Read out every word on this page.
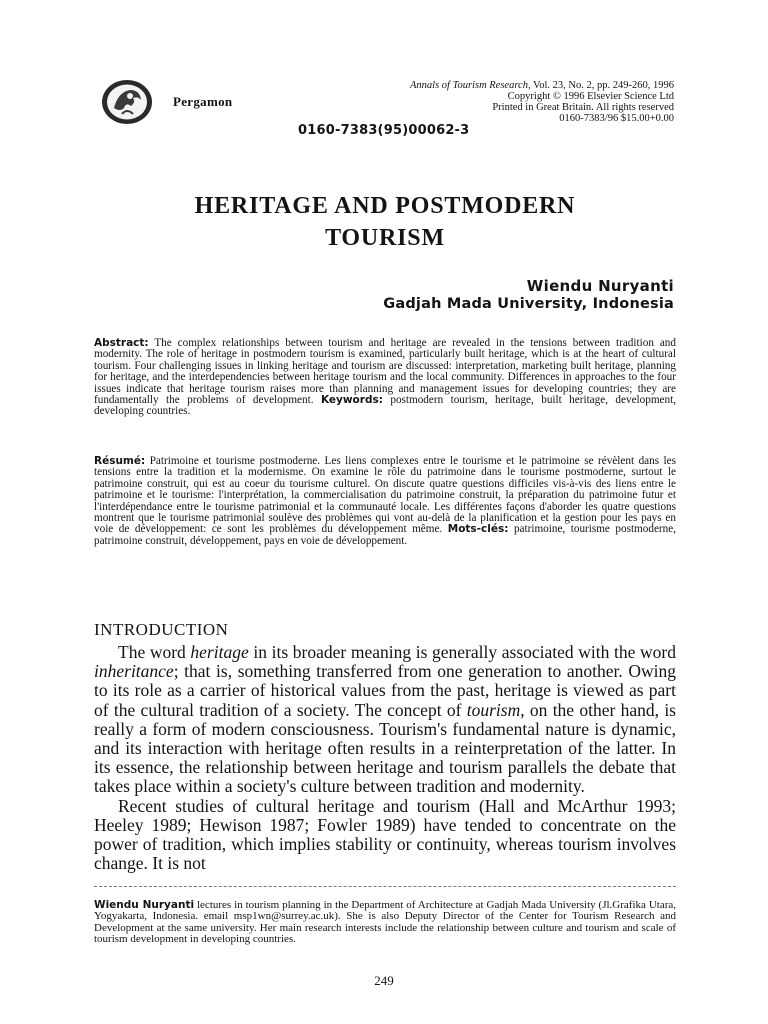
Pergamon
Annals of Tourism Research, Vol. 23, No. 2, pp. 249-260, 1996
Copyright © 1996 Elsevier Science Ltd
Printed in Great Britain. All rights reserved
0160-7383/96 $15.00+0.00
0160-7383(95)00062-3
HERITAGE AND POSTMODERN
TOURISM
Wiendu Nuryanti
Gadjah Mada University, Indonesia
Abstract: The complex relationships between tourism and heritage are revealed in the tensions between tradition and modernity. The role of heritage in postmodern tourism is examined, particularly built heritage, which is at the heart of cultural tourism. Four challenging issues in linking heritage and tourism are discussed: interpretation, marketing built heritage, planning for heritage, and the interdependencies between heritage tourism and the local community. Differences in approaches to the four issues indicate that heritage tourism raises more than planning and management issues for developing countries; they are fundamentally the problems of development. Keywords: postmodern tourism, heritage, built heritage, development, developing countries.
Résumé: Patrimoine et tourisme postmoderne. Les liens complexes entre le tourisme et le patrimoine se révèlent dans les tensions entre la tradition et la modernisme. On examine le rôle du patrimoine dans le tourisme postmoderne, surtout le patrimoine construit, qui est au coeur du tourisme culturel. On discute quatre questions difficiles vis-à-vis des liens entre le patrimoine et le tourisme: l'interprétation, la commercialisation du patrimoine construit, la préparation du patrimoine futur et l'interdépendance entre le tourisme patrimonial et la communauté locale. Les différentes façons d'aborder les quatre questions montrent que le tourisme patrimonial soulève des problèmes qui vont au-delà de la planification et la gestion pour les pays en voie de développement: ce sont les problèmes du développement même. Mots-clés: patrimoine, tourisme postmoderne, patrimoine construit, développement, pays en voie de développement.
INTRODUCTION

The word heritage in its broader meaning is generally associated with the word inheritance; that is, something transferred from one generation to another. Owing to its role as a carrier of historical values from the past, heritage is viewed as part of the cultural tradition of a society. The concept of tourism, on the other hand, is really a form of modern consciousness. Tourism's fundamental nature is dynamic, and its interaction with heritage often results in a reinterpretation of the latter. In its essence, the relationship between heritage and tourism parallels the debate that takes place within a society's culture between tradition and modernity.

Recent studies of cultural heritage and tourism (Hall and McArthur 1993; Heeley 1989; Hewison 1987; Fowler 1989) have tended to concentrate on the power of tradition, which implies stability or continuity, whereas tourism involves change. It is not

Wiendu Nuryanti lectures in tourism planning in the Department of Architecture at Gadjah Mada University (Jl.Grafika Utara, Yogyakarta, Indonesia. email msp1wn@surrey.ac.uk). She is also Deputy Director of the Center for Tourism Research and Development at the same university. Her main research interests include the relationship between culture and tourism and scale of tourism development in developing countries.
249
